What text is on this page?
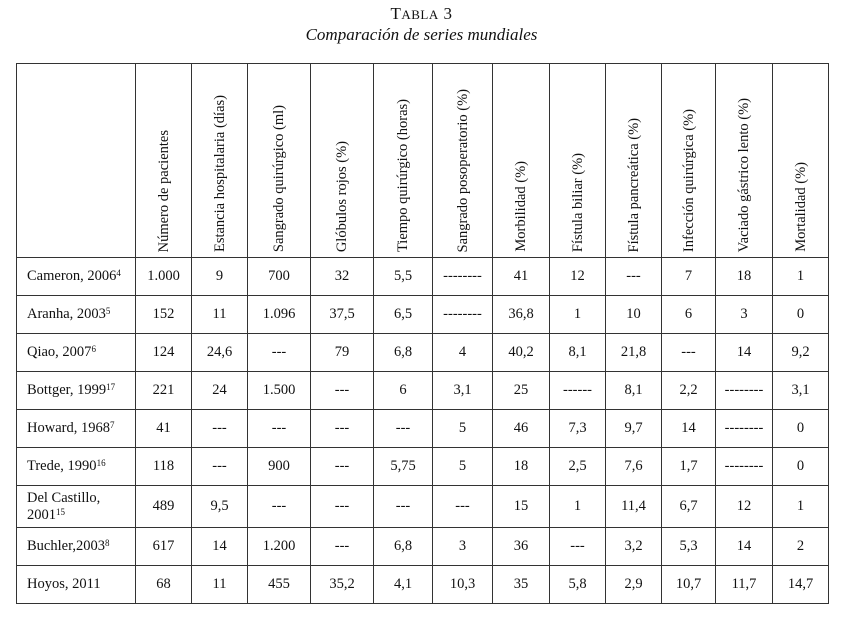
TABLA 3
Comparación de series mundiales
	Número de pacientes	Estancia hospitalaria (días)	Sangrado quirúrgico (ml)	Glóbulos rojos (%)	Tiempo quirúrgico (horas)	Sangrado posoperatorio (%)	Morbilidad (%)	Fístula biliar (%)	Fístula pancreática (%)	Infección quirúrgica (%)	Vaciado gástrico lento (%)	Mortalidad (%)
Cameron, 2006$^4$	1.000	9	700	32	5,5	--------	41	12	---	7	18	1
Aranha, 2003$^5$	152	11	1.096	37,5	6,5	--------	36,8	1	10	6	3	0
Qiao, 2007$^6$	124	24,6	---	79	6,8	4	40,2	8,1	21,8	---	14	9,2
Bottger, 1999$^{17}$	221	24	1.500	---	6	3,1	25	------	8,1	2,2	--------	3,1
Howard, 1968$^7$	41	---	---	---	---	5	46	7,3	9,7	14	--------	0
Trede, 1990$^{16}$	118	---	900	---	5,75	5	18	2,5	7,6	1,7	--------	0
Del Castillo, 2001$^{15}$	489	9,5	---	---	---	---	15	1	11,4	6,7	12	1
Buchler,2003$^8$	617	14	1.200	---	6,8	3	36	---	3,2	5,3	14	2
Hoyos, 2011	68	11	455	35,2	4,1	10,3	35	5,8	2,9	10,7	11,7	14,7
